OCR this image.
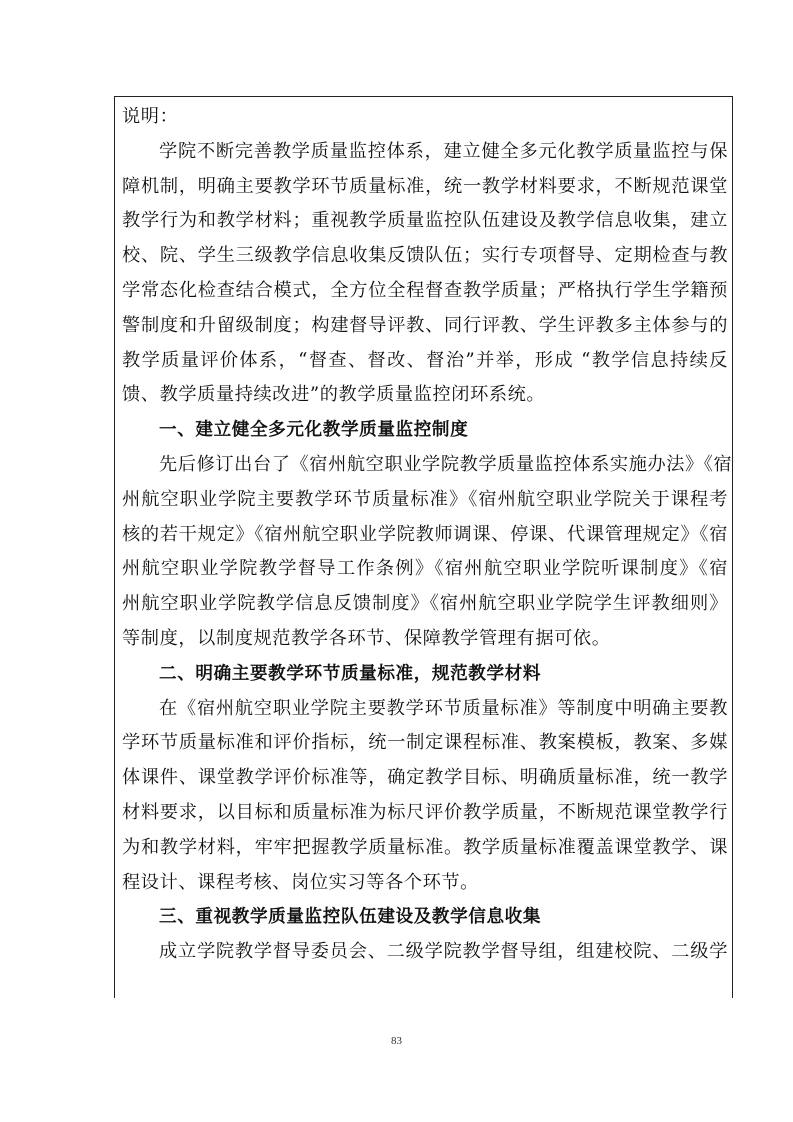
说明：
学院不断完善教学质量监控体系，建立健全多元化教学质量监控与保
障机制，明确主要教学环节质量标准，统一教学材料要求，不断规范课堂
教学行为和教学材料；重视教学质量监控队伍建设及教学信息收集，建立
校、院、学生三级教学信息收集反馈队伍；实行专项督导、定期检查与教
学常态化检查结合模式，全方位全程督查教学质量；严格执行学生学籍预
警制度和升留级制度；构建督导评教、同行评教、学生评教多主体参与的
教学质量评价体系，“督查、督改、督治”并举，形成 “教学信息持续反
馈、教学质量持续改进”的教学质量监控闭环系统。
一、建立健全多元化教学质量监控制度
先后修订出台了《宿州航空职业学院教学质量监控体系实施办法》《宿
州航空职业学院主要教学环节质量标准》《宿州航空职业学院关于课程考
核的若干规定》《宿州航空职业学院教师调课、停课、代课管理规定》《宿
州航空职业学院教学督导工作条例》《宿州航空职业学院听课制度》《宿
州航空职业学院教学信息反馈制度》《宿州航空职业学院学生评教细则》
等制度，以制度规范教学各环节、保障教学管理有据可依。
二、明确主要教学环节质量标准，规范教学材料
在《宿州航空职业学院主要教学环节质量标准》等制度中明确主要教
学环节质量标准和评价指标，统一制定课程标准、教案模板，教案、多媒
体课件、课堂教学评价标准等，确定教学目标、明确质量标准，统一教学
材料要求，以目标和质量标准为标尺评价教学质量，不断规范课堂教学行
为和教学材料，牢牢把握教学质量标准。教学质量标准覆盖课堂教学、课
程设计、课程考核、岗位实习等各个环节。
三、重视教学质量监控队伍建设及教学信息收集
成立学院教学督导委员会、二级学院教学督导组，组建校院、二级学
83
